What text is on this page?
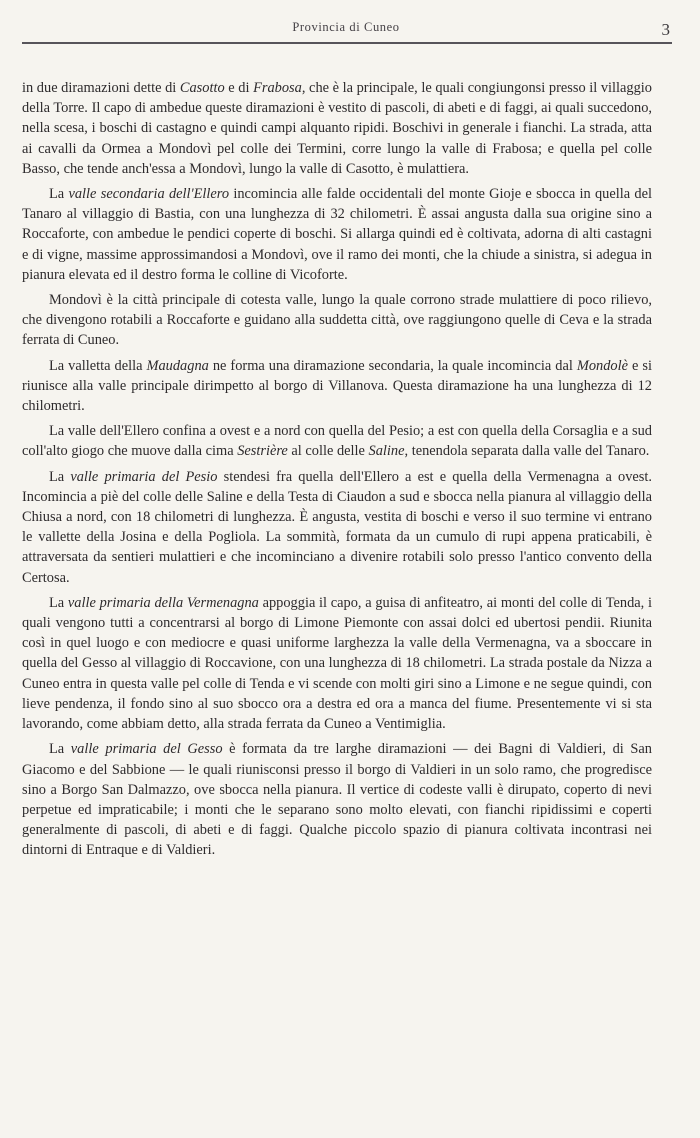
Provincia di Cuneo	3

in due diramazioni dette di Casotto e di Frabosa, che è la principale, le quali congiungonsi presso il villaggio della Torre. Il capo di ambedue queste diramazioni è vestito di pascoli, di abeti e di faggi, ai quali succedono, nella scesa, i boschi di castagno e quindi campi alquanto ripidi. Boschivi in generale i fianchi. La strada, atta ai cavalli da Ormea a Mondovì pel colle dei Termini, corre lungo la valle di Frabosa; e quella pel colle Basso, che tende anch'essa a Mondovì, lungo la valle di Casotto, è mulattiera.

La valle secondaria dell'Ellero incomincia alle falde occidentali del monte Gioje e sbocca in quella del Tanaro al villaggio di Bastia, con una lunghezza di 32 chilometri. È assai angusta dalla sua origine sino a Roccaforte, con ambedue le pendici coperte di boschi. Si allarga quindi ed è coltivata, adorna di alti castagni e di vigne, massime approssimandosi a Mondovì, ove il ramo dei monti, che la chiude a sinistra, si adegua in pianura elevata ed il destro forma le colline di Vicoforte.

Mondovì è la città principale di cotesta valle, lungo la quale corrono strade mulattiere di poco rilievo, che divengono rotabili a Roccaforte e guidano alla suddetta città, ove raggiungono quelle di Ceva e la strada ferrata di Cuneo.

La valletta della Maudagna ne forma una diramazione secondaria, la quale incomincia dal Mondolè e si riunisce alla valle principale dirimpetto al borgo di Villanova. Questa diramazione ha una lunghezza di 12 chilometri.

La valle dell'Ellero confina a ovest e a nord con quella del Pesio; a est con quella della Corsaglia e a sud coll'alto giogo che muove dalla cima Sestrière al colle delle Saline, tenendola separata dalla valle del Tanaro.

La valle primaria del Pesio stendesi fra quella dell'Ellero a est e quella della Vermenagna a ovest. Incomincia a piè del colle delle Saline e della Testa di Ciaudon a sud e sbocca nella pianura al villaggio della Chiusa a nord, con 18 chilometri di lunghezza. È angusta, vestita di boschi e verso il suo termine vi entrano le vallette della Josina e della Pogliola. La sommità, formata da un cumulo di rupi appena praticabili, è attraversata da sentieri mulattieri e che incominciano a divenire rotabili solo presso l'antico convento della Certosa.

La valle primaria della Vermenagna appoggia il capo, a guisa di anfiteatro, ai monti del colle di Tenda, i quali vengono tutti a concentrarsi al borgo di Limone Piemonte con assai dolci ed ubertosi pendii. Riunita così in quel luogo e con mediocre e quasi uniforme larghezza la valle della Vermenagna, va a sboccare in quella del Gesso al villaggio di Roccavione, con una lunghezza di 18 chilometri. La strada postale da Nizza a Cuneo entra in questa valle pel colle di Tenda e vi scende con molti giri sino a Limone e ne segue quindi, con lieve pendenza, il fondo sino al suo sbocco ora a destra ed ora a manca del fiume. Presentemente vi si sta lavorando, come abbiam detto, alla strada ferrata da Cuneo a Ventimiglia.

La valle primaria del Gesso è formata da tre larghe diramazioni — dei Bagni di Valdieri, di San Giacomo e del Sabbione — le quali riunisconsi presso il borgo di Valdieri in un solo ramo, che progredisce sino a Borgo San Dalmazzo, ove sbocca nella pianura. Il vertice di codeste valli è dirupato, coperto di nevi perpetue ed impraticabile; i monti che le separano sono molto elevati, con fianchi ripidissimi e coperti generalmente di pascoli, di abeti e di faggi. Qualche piccolo spazio di pianura coltivata incontrasi nei dintorni di Entraque e di Valdieri.
